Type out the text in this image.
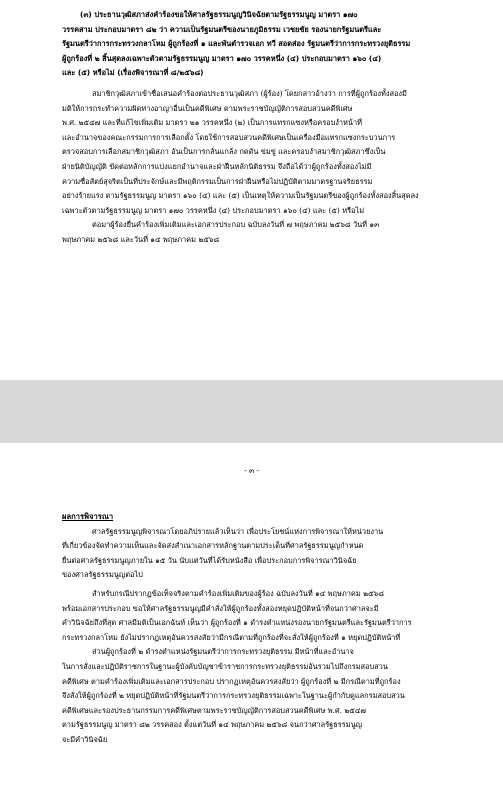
(๓) ประธานวุฒิสภาส่งคำร้องขอให้ศาลรัฐธรรมนูญวินิจฉัยตามรัฐธรรมนูญ มาตรา ๑๗๐
วรรคสาม ประกอบมาตรา ๘๒ ว่า ความเป็นรัฐมนตรีของนายภูมิธรรม เวชยชัย รองนายกรัฐมนตรีและ
รัฐมนตรีว่าการกระทรวงกลาโหม ผู้ถูกร้องที่ ๑ และพันตำรวจเอก ทวี สอดส่อง รัฐมนตรีว่าการกระทรวงยุติธรรม
ผู้ถูกร้องที่ ๒ สิ้นสุดลงเฉพาะตัวตามรัฐธรรมนูญ มาตรา ๑๗๐ วรรคหนึ่ง (๔) ประกอบมาตรา ๑๖๐ (๔)
และ (๕) หรือไม่ (เรื่องพิจารณาที่ ๘/๒๕๖๘)
สมาชิกวุฒิสภาเข้าชื่อเสนอคำร้องต่อประธานวุฒิสภา (ผู้ร้อง) โดยกล่าวอ้างว่า การที่ผู้ถูกร้องทั้งสองมี
มติให้การกระทำความผิดทางอาญาอื่นเป็นคดีพิเศษ ตามพระราชบัญญัติการสอบสวนคดีพิเศษ
พ.ศ. ๒๕๔๗ และที่แก้ไขเพิ่มเติม มาตรา ๒๑ วรรคหนึ่ง (๒) เป็นการแทรกแซงหรือครอบงำหน้าที่
และอำนาจของคณะกรรมการการเลือกตั้ง โดยใช้การสอบสวนคดีพิเศษเป็นเครื่องมือแทรกแซงกระบวนการ
ตรวจสอบการเลือกสมาชิกวุฒิสภา อันเป็นการกลั่นแกล้ง กดดัน ข่มขู่ และครอบงำสมาชิกวุฒิสภาซึ่งเป็น
ฝ่ายนิติบัญญัติ ขัดต่อหลักการแบ่งแยกอำนาจและฝ่าฝืนหลักนิติธรรม จึงถือได้ว่าผู้ถูกร้องทั้งสองไม่มี
ความซื่อสัตย์สุจริตเป็นที่ประจักษ์และมีพฤติกรรมเป็นการฝ่าฝืนหรือไม่ปฏิบัติตามมาตรฐานจริยธรรม
อย่างร้ายแรง ตามรัฐธรรมนูญ มาตรา ๑๖๐ (๔) และ (๕) เป็นเหตุให้ความเป็นรัฐมนตรีของผู้ถูกร้องทั้งสองสิ้นสุดลง
เฉพาะตัวตามรัฐธรรมนูญ มาตรา ๑๗๐ วรรคหนึ่ง (๔) ประกอบมาตรา ๑๖๐ (๔) และ (๕) หรือไม่
ต่อมาผู้ร้องยื่นคำร้องเพิ่มเติมและเอกสารประกอบ ฉบับลงวันที่ ๗ พฤษภาคม ๒๕๖๘ วันที่ ๑๓
พฤษภาคม ๒๕๖๘ และวันที่ ๑๔ พฤษภาคม ๒๕๖๘
- ๓ -
ผลการพิจารณา
ศาลรัฐธรรมนูญพิจารณาโดยอภิปรายแล้วเห็นว่า เพื่อประโยชน์แห่งการพิจารณาให้หน่วยงาน
ที่เกี่ยวข้องจัดทำความเห็นและจัดส่งสำเนาเอกสารหลักฐานตามประเด็นที่ศาลรัฐธรรมนูญกำหนด
ยื่นต่อศาลรัฐธรรมนูญภายใน ๑๕ วัน นับแต่วันที่ได้รับหนังสือ เพื่อประกอบการพิจารณาวินิจฉัย
ของศาลรัฐธรรมนูญต่อไป
สำหรับกรณีปรากฏข้อเท็จจริงตามคำร้องเพิ่มเติมของผู้ร้อง ฉบับลงวันที่ ๑๔ พฤษภาคม ๒๕๖๘
พร้อมเอกสารประกอบ ขอให้ศาลรัฐธรรมนูญมีคำสั่งให้ผู้ถูกร้องทั้งสองหยุดปฏิบัติหน้าที่จนกว่าศาลจะมี
คำวินิจฉัยถึงที่สุด ศาลมีมติเป็นเอกฉันท์ เห็นว่า ผู้ถูกร้องที่ ๑ ดำรงตำแหน่งรองนายกรัฐมนตรีและรัฐมนตรีว่าการ
กระทรวงกลาโหม ยังไม่ปรากฏเหตุอันควรสงสัยว่ามีกรณีตามที่ถูกร้องที่จะสั่งให้ผู้ถูกร้องที่ ๑ หยุดปฏิบัติหน้าที่
ส่วนผู้ถูกร้องที่ ๒ ดำรงตำแหน่งรัฐมนตรีว่าการกระทรวงยุติธรรม มีหน้าที่และอำนาจ
ในการสั่งและปฏิบัติราชการในฐานะผู้บังคับบัญชาข้าราชการกระทรวงยุติธรรมอันรวมไปถึงกรมสอบสวน
คดีพิเศษ ตามคำร้องเพิ่มเติมและเอกสารประกอบ ปรากฏเหตุอันควรสงสัยว่า ผู้ถูกร้องที่ ๒ มีกรณีตามที่ถูกร้อง
จึงสั่งให้ผู้ถูกร้องที่ ๒ หยุดปฏิบัติหน้าที่รัฐมนตรีว่าการกระทรวงยุติธรรมเฉพาะในฐานะผู้กำกับดูแลกรมสอบสวน
คดีพิเศษและรองประธานกรรมการคดีพิเศษตามพระราชบัญญัติการสอบสวนคดีพิเศษ พ.ศ. ๒๕๔๗
ตามรัฐธรรมนูญ มาตรา ๘๒ วรรคสอง ตั้งแต่วันที่ ๑๔ พฤษภาคม ๒๕๖๘ จนกว่าศาลรัฐธรรมนูญ
จะมีคำวินิจฉัย
